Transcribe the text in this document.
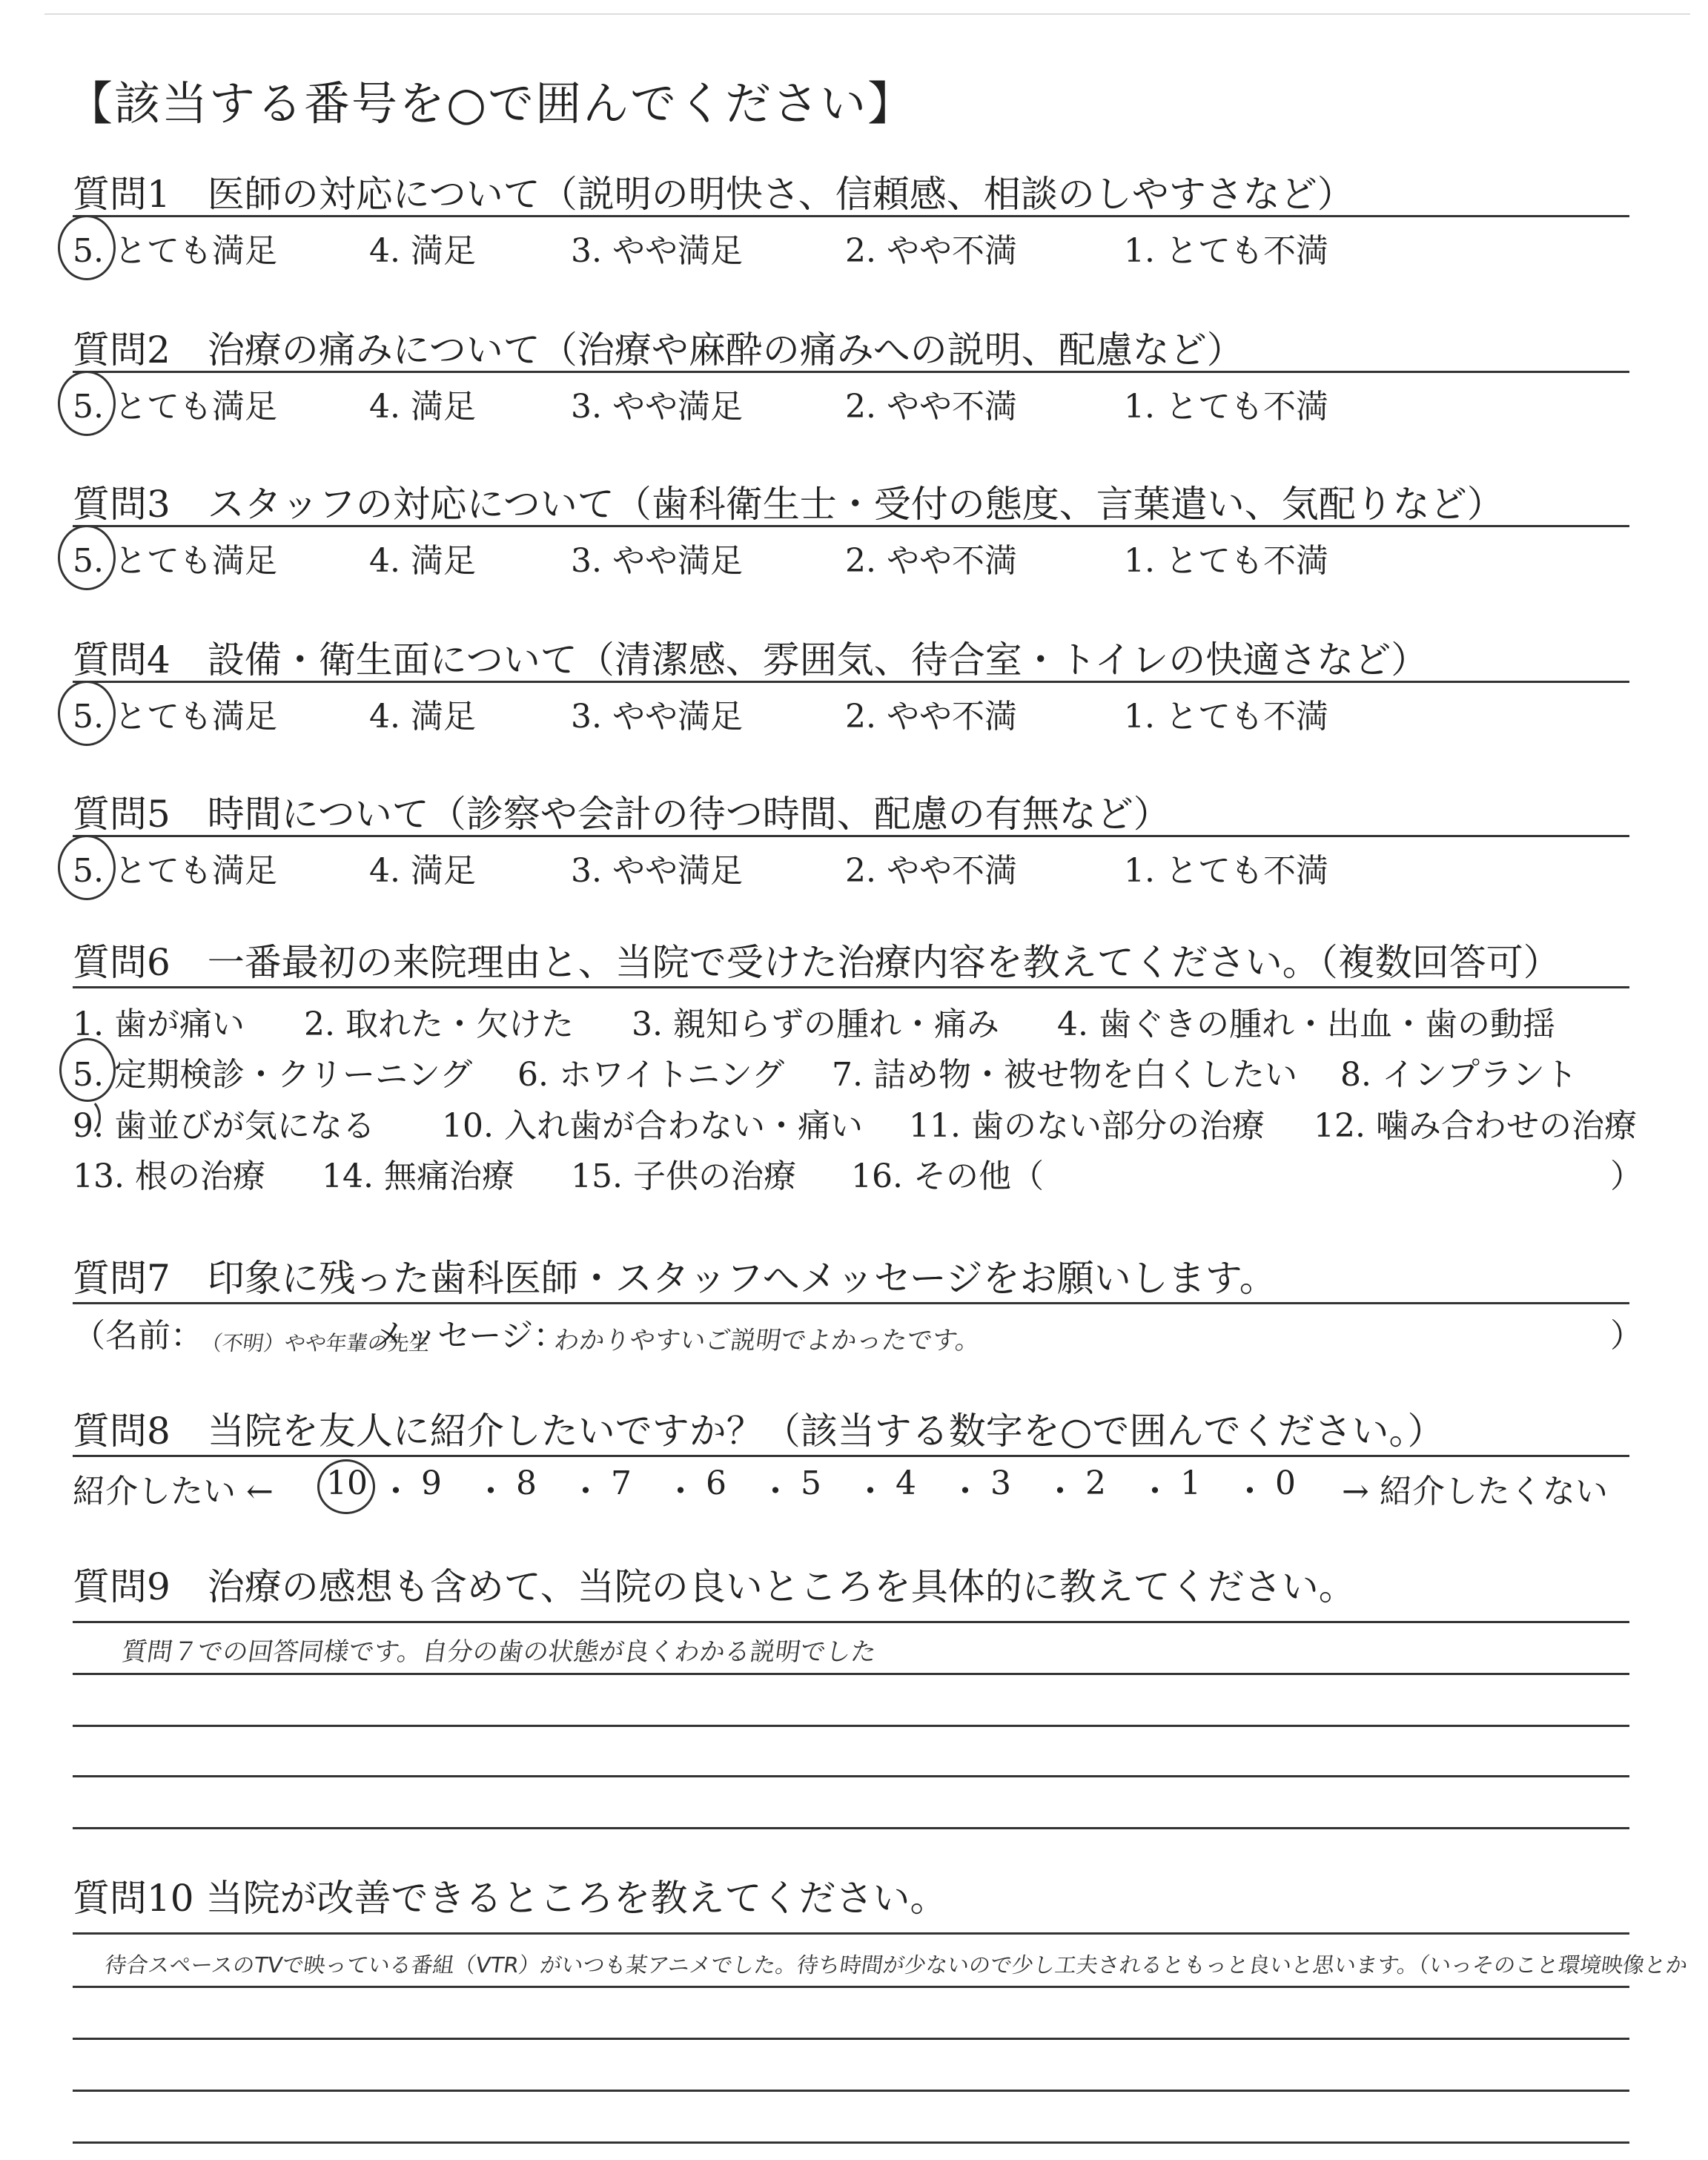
【該当する番号を○で囲んでください】
質問1　医師の対応について（説明の明快さ、信頼感、相談のしやすさなど）
5. とても満足	4. 満足	3. やや満足	2. やや不満	1. とても不満
質問2　治療の痛みについて（治療や麻酔の痛みへの説明、配慮など）
5. とても満足	4. 満足	3. やや満足	2. やや不満	1. とても不満
質問3　スタッフの対応について（歯科衛生士・受付の態度、言葉遣い、気配りなど）
5. とても満足	4. 満足	3. やや満足	2. やや不満	1. とても不満
質問4　設備・衛生面について（清潔感、雰囲気、待合室・トイレの快適さなど）
5. とても満足	4. 満足	3. やや満足	2. やや不満	1. とても不満
質問5　時間について（診察や会計の待つ時間、配慮の有無など）
5. とても満足	4. 満足	3. やや満足	2. やや不満	1. とても不満
質問6　一番最初の来院理由と、当院で受けた治療内容を教えてください。（複数回答可）
1. 歯が痛い 2. 取れた・欠けた 3. 親知らずの腫れ・痛み 4. 歯ぐきの腫れ・出血・歯の動揺
5. 定期検診・クリーニング 6. ホワイトニング 7. 詰め物・被せ物を白くしたい 8. インプラント
9. 歯並びが気になる 10. 入れ歯が合わない・痛い 11. 歯のない部分の治療 12. 噛み合わせの治療
13. 根の治療 14. 無痛治療 15. 子供の治療 16. その他（	）
質問7　印象に残った歯科医師・スタッフへメッセージをお願いします。
（名前：
（不明）やや年輩の先生
メッセージ：
わかりやすいご説明でよかったです。	）
質問8　当院を友人に紹介したいですか？（該当する数字を○で囲んでください。）
紹介したい ← 10 ・ 9 ・ 8 ・ 7 ・ 6 ・ 5 ・ 4 ・ 3 ・ 2 ・ 1 ・ 0 → 紹介したくない
質問9　治療の感想も含めて、当院の良いところを具体的に教えてください。
質問７での回答同様です。自分の歯の状態が良くわかる説明でした
質問10 当院が改善できるところを教えてください。
待合スペースのTVで映っている番組（VTR）がいつも某アニメでした。待ち時間が少ないので少し工夫されるともっと良いと思います。（いっそのこと環境映像とか
